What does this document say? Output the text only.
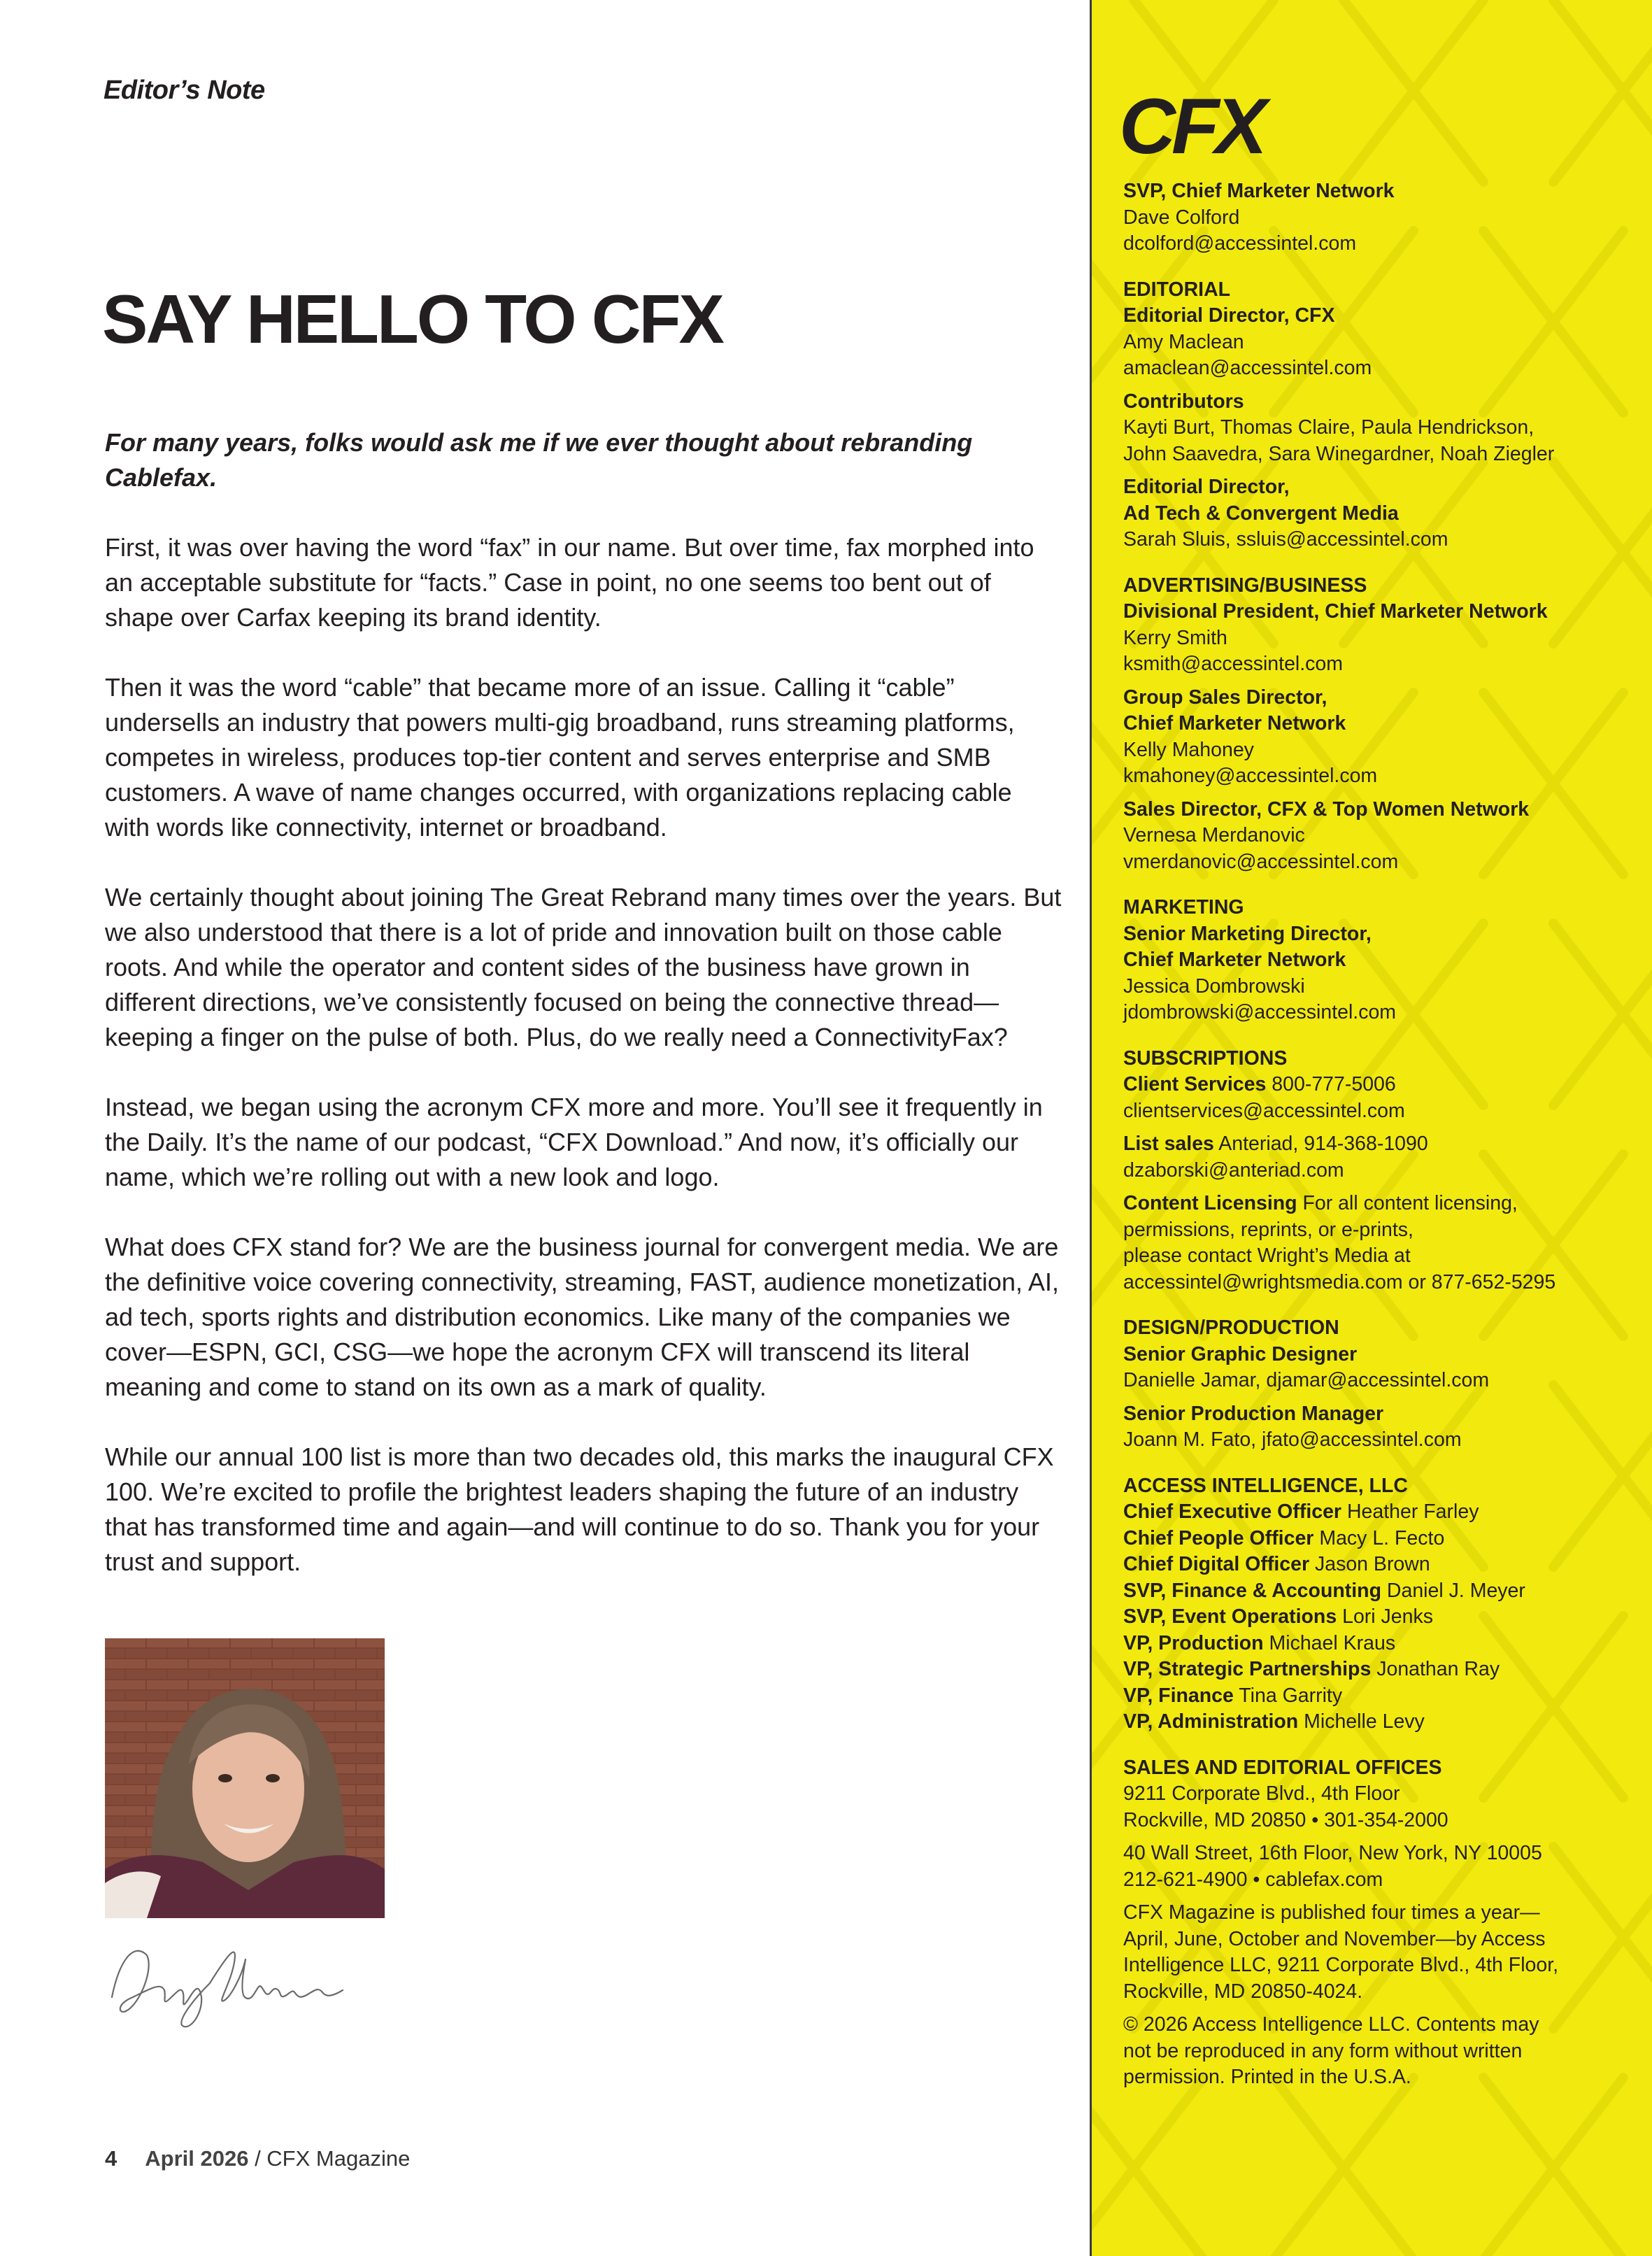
Editor’s Note
SAY HELLO TO CFX

For many years, folks would ask me if we ever thought about rebranding Cablefax.

First, it was over having the word “fax” in our name. But over time, fax morphed into an acceptable substitute for “facts.” Case in point, no one seems too bent out of shape over Carfax keeping its brand identity.

Then it was the word “cable” that became more of an issue. Calling it “cable” undersells an industry that powers multi-gig broadband, runs streaming platforms, competes in wireless, produces top-tier content and serves enterprise and SMB customers. A wave of name changes occurred, with organizations replacing cable with words like connectivity, internet or broadband.

We certainly thought about joining The Great Rebrand many times over the years. But we also understood that there is a lot of pride and innovation built on those cable roots. And while the operator and content sides of the business have grown in different directions, we’ve consistently focused on being the connective thread—keeping a finger on the pulse of both. Plus, do we really need a ConnectivityFax?

Instead, we began using the acronym CFX more and more. You’ll see it frequently in the Daily. It’s the name of our podcast, “CFX Download.” And now, it’s officially our name, which we’re rolling out with a new look and logo.

What does CFX stand for? We are the business journal for convergent media. We are the definitive voice covering connectivity, streaming, FAST, audience monetization, AI, ad tech, sports rights and distribution economics. Like many of the companies we cover—ESPN, GCI, CSG—we hope the acronym CFX will transcend its literal meaning and come to stand on its own as a mark of quality.

While our annual 100 list is more than two decades old, this marks the inaugural CFX 100. We’re excited to profile the brightest leaders shaping the future of an industry that has transformed time and again—and will continue to do so. Thank you for your trust and support.

4 April 2026 / CFX Magazine
CFX
SVP, Chief Marketer Network
Dave Colford
dcolford@accessintel.com
EDITORIAL
Editorial Director, CFX
Amy Maclean
amaclean@accessintel.com
Contributors
Kayti Burt, Thomas Claire, Paula Hendrickson,
John Saavedra, Sara Winegardner, Noah Ziegler
Editorial Director,
Ad Tech & Convergent Media
Sarah Sluis, ssluis@accessintel.com
ADVERTISING/BUSINESS
Divisional President, Chief Marketer Network
Kerry Smith
ksmith@accessintel.com
Group Sales Director,
Chief Marketer Network
Kelly Mahoney
kmahoney@accessintel.com
Sales Director, CFX & Top Women Network
Vernesa Merdanovic
vmerdanovic@accessintel.com
MARKETING
Senior Marketing Director,
Chief Marketer Network
Jessica Dombrowski
jdombrowski@accessintel.com
SUBSCRIPTIONS
Client Services 800-777-5006
clientservices@accessintel.com
List sales Anteriad, 914-368-1090
dzaborski@anteriad.com
Content Licensing For all content licensing,
permissions, reprints, or e-prints,
please contact Wright’s Media at
accessintel@wrightsmedia.com or 877-652-5295
DESIGN/PRODUCTION
Senior Graphic Designer
Danielle Jamar, djamar@accessintel.com
Senior Production Manager
Joann M. Fato, jfato@accessintel.com
ACCESS INTELLIGENCE, LLC
Chief Executive Officer Heather Farley
Chief People Officer Macy L. Fecto
Chief Digital Officer Jason Brown
SVP, Finance & Accounting Daniel J. Meyer
SVP, Event Operations Lori Jenks
VP, Production Michael Kraus
VP, Strategic Partnerships Jonathan Ray
VP, Finance Tina Garrity
VP, Administration Michelle Levy
SALES AND EDITORIAL OFFICES
9211 Corporate Blvd., 4th Floor
Rockville, MD 20850 • 301-354-2000
40 Wall Street, 16th Floor, New York, NY 10005
212-621-4900 • cablefax.com
CFX Magazine is published four times a year—
April, June, October and November—by Access
Intelligence LLC, 9211 Corporate Blvd., 4th Floor,
Rockville, MD 20850-4024.
© 2026 Access Intelligence LLC. Contents may
not be reproduced in any form without written
permission. Printed in the U.S.A.
